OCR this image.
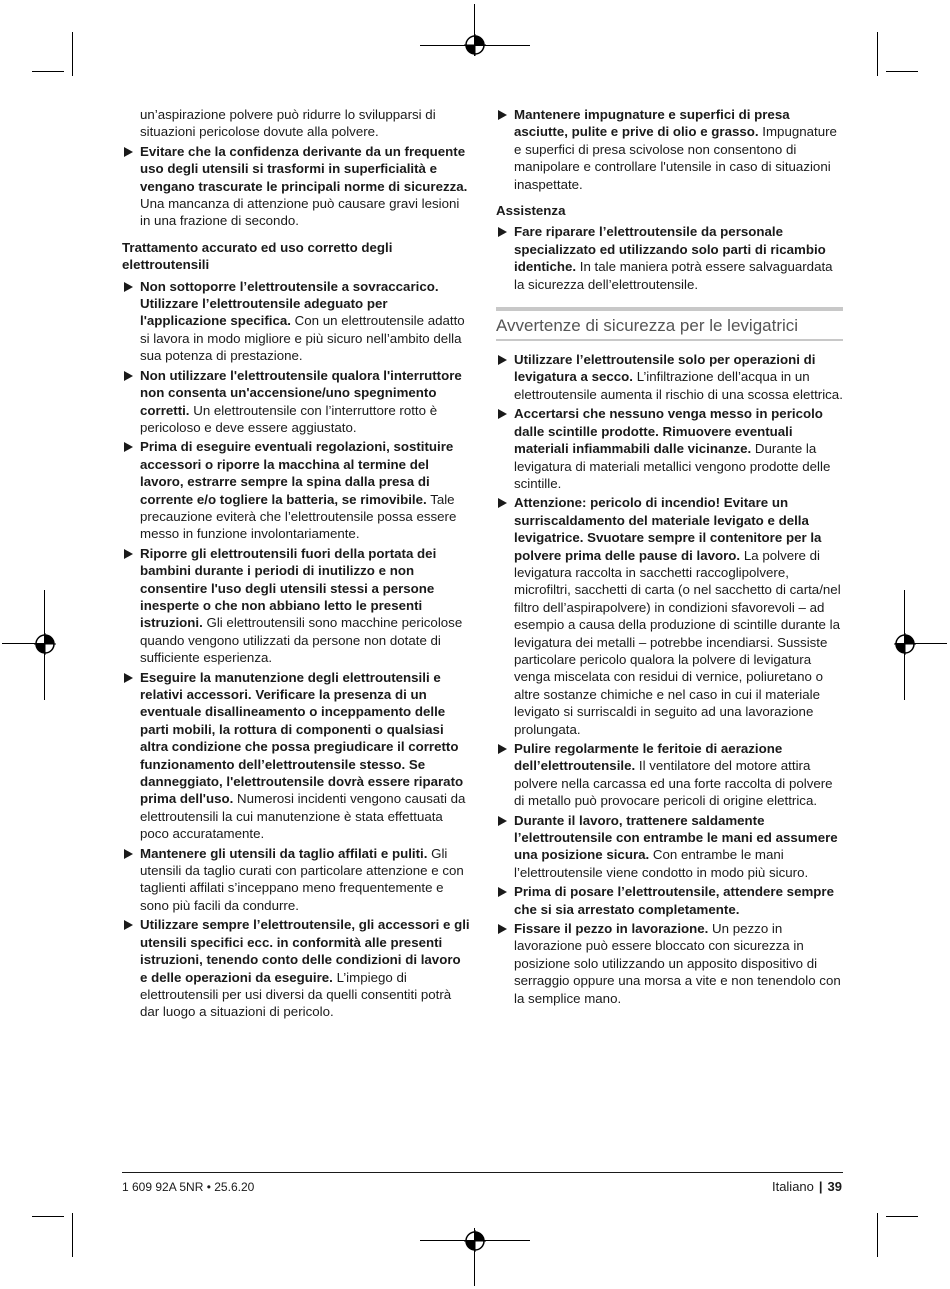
un’aspirazione polvere può ridurre lo svilupparsi di situazioni pericolose dovute alla polvere.

Evitare che la confidenza derivante da un frequente uso degli utensili si trasformi in superficialità e vengano trascurate le principali norme di sicurezza. Una mancanza di attenzione può causare gravi lesioni in una frazione di secondo.
Trattamento accurato ed uso corretto degli elettroutensili
Non sottoporre l’elettroutensile a sovraccarico. Utilizzare l’elettroutensile adeguato per l'applicazione specifica. Con un elettroutensile adatto si lavora in modo migliore e più sicuro nell’ambito della sua potenza di prestazione.
Non utilizzare l'elettroutensile qualora l'interruttore non consenta un'accensione/uno spegnimento corretti. Un elettroutensile con l’interruttore rotto è pericoloso e deve essere aggiustato.
Prima di eseguire eventuali regolazioni, sostituire accessori o riporre la macchina al termine del lavoro, estrarre sempre la spina dalla presa di corrente e/o togliere la batteria, se rimovibile. Tale precauzione eviterà che l’elettroutensile possa essere messo in funzione involontariamente.
Riporre gli elettroutensili fuori della portata dei bambini durante i periodi di inutilizzo e non consentire l'uso degli utensili stessi a persone inesperte o che non abbiano letto le presenti istruzioni. Gli elettroutensili sono macchine pericolose quando vengono utilizzati da persone non dotate di sufficiente esperienza.
Eseguire la manutenzione degli elettroutensili e relativi accessori. Verificare la presenza di un eventuale disallineamento o inceppamento delle parti mobili, la rottura di componenti o qualsiasi altra condizione che possa pregiudicare il corretto funzionamento dell’elettroutensile stesso. Se danneggiato, l'elettroutensile dovrà essere riparato prima dell'uso. Numerosi incidenti vengono causati da elettroutensili la cui manutenzione è stata effettuata poco accuratamente.
Mantenere gli utensili da taglio affilati e puliti. Gli utensili da taglio curati con particolare attenzione e con taglienti affilati s’inceppano meno frequentemente e sono più facili da condurre.
Utilizzare sempre l’elettroutensile, gli accessori e gli utensili specifici ecc. in conformità alle presenti istruzioni, tenendo conto delle condizioni di lavoro e delle operazioni da eseguire. L’impiego di elettroutensili per usi diversi da quelli consentiti potrà dar luogo a situazioni di pericolo.
Mantenere impugnature e superfici di presa asciutte, pulite e prive di olio e grasso. Impugnature e superfici di presa scivolose non consentono di manipolare e controllare l'utensile in caso di situazioni inaspettate.
Assistenza
Fare riparare l’elettroutensile da personale specializzato ed utilizzando solo parti di ricambio identiche. In tale maniera potrà essere salvaguardata la sicurezza dell’elettroutensile.
Avvertenze di sicurezza per le levigatrici
Utilizzare l’elettroutensile solo per operazioni di levigatura a secco. L’infiltrazione dell’acqua in un elettroutensile aumenta il rischio di una scossa elettrica.
Accertarsi che nessuno venga messo in pericolo dalle scintille prodotte. Rimuovere eventuali materiali infiammabili dalle vicinanze. Durante la levigatura di materiali metallici vengono prodotte delle scintille.
Attenzione: pericolo di incendio! Evitare un surriscaldamento del materiale levigato e della levigatrice. Svuotare sempre il contenitore per la polvere prima delle pause di lavoro. La polvere di levigatura raccolta in sacchetti raccoglipolvere, microfiltri, sacchetti di carta (o nel sacchetto di carta/nel filtro dell’aspirapolvere) in condizioni sfavorevoli – ad esempio a causa della produzione di scintille durante la levigatura dei metalli – potrebbe incendiarsi. Sussiste particolare pericolo qualora la polvere di levigatura venga miscelata con residui di vernice, poliuretano o altre sostanze chimiche e nel caso in cui il materiale levigato si surriscaldi in seguito ad una lavorazione prolungata.
Pulire regolarmente le feritoie di aerazione dell’elettroutensile. Il ventilatore del motore attira polvere nella carcassa ed una forte raccolta di polvere di metallo può provocare pericoli di origine elettrica.
Durante il lavoro, trattenere saldamente l’elettroutensile con entrambe le mani ed assumere una posizione sicura. Con entrambe le mani l’elettroutensile viene condotto in modo più sicuro.
Prima di posare l’elettroutensile, attendere sempre che si sia arrestato completamente.
Fissare il pezzo in lavorazione. Un pezzo in lavorazione può essere bloccato con sicurezza in posizione solo utilizzando un apposito dispositivo di serraggio oppure una morsa a vite e non tenendolo con la semplice mano.
1 609 92A 5NR • 25.6.20	Italiano | 39
